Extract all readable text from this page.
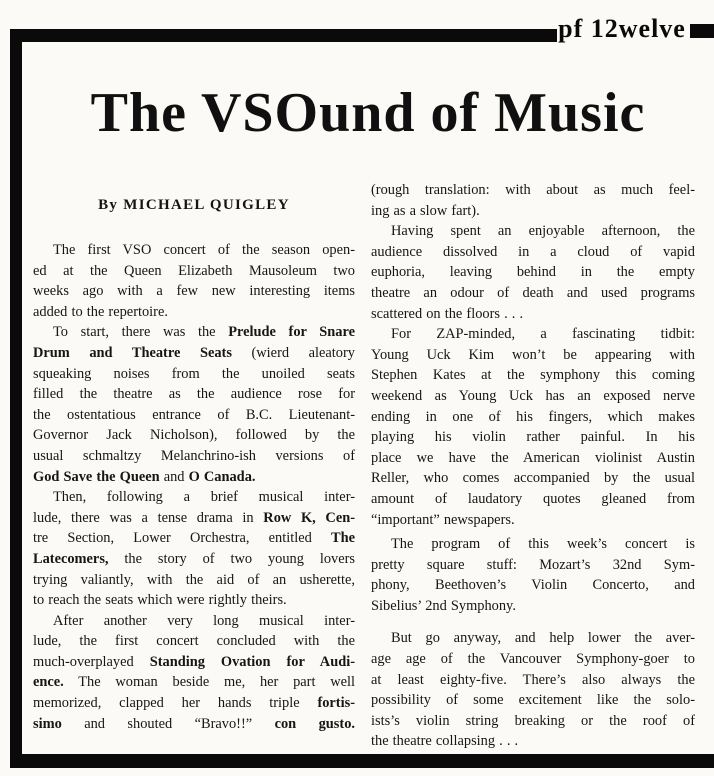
pf 12welve
The VSOund of Music
By MICHAEL QUIGLEY
The first VSO concert of the season open-
ed at the Queen Elizabeth Mausoleum two
weeks ago with a few new interesting items
added to the repertoire.
To start, there was the Prelude for Snare
Drum and Theatre Seats (wierd aleatory
squeaking noises from the unoiled seats
filled the theatre as the audience rose for
the ostentatious entrance of B.C. Lieutenant-
Governor Jack Nicholson), followed by the
usual schmaltzy Melanchrino-ish versions of
God Save the Queen and O Canada.
Then, following a brief musical inter-
lude, there was a tense drama in Row K, Cen-
tre Section, Lower Orchestra, entitled The
Latecomers, the story of two young lovers
trying valiantly, with the aid of an usherette,
to reach the seats which were rightly theirs.
After another very long musical inter-
lude, the first concert concluded with the
much-overplayed Standing Ovation for Audi-
ence. The woman beside me, her part well
memorized, clapped her hands triple fortis-
simo and shouted “Bravo!!” con gusto.
(rough translation: with about as much feel-
ing as a slow fart).
Having spent an enjoyable afternoon, the
audience dissolved in a cloud of vapid
euphoria, leaving behind in the empty
theatre an odour of death and used programs
scattered on the floors . . .
For ZAP-minded, a fascinating tidbit:
Young Uck Kim won’t be appearing with
Stephen Kates at the symphony this coming
weekend as Young Uck has an exposed nerve
ending in one of his fingers, which makes
playing his violin rather painful. In his
place we have the American violinist Austin
Reller, who comes accompanied by the usual
amount of laudatory quotes gleaned from
“important” newspapers.
The program of this week’s concert is
pretty square stuff: Mozart’s 32nd Sym-
phony, Beethoven’s Violin Concerto, and
Sibelius’ 2nd Symphony.
But go anyway, and help lower the aver-
age age of the Vancouver Symphony-goer to
at least eighty-five. There’s also always the
possibility of some excitement like the solo-
ists’s violin string breaking or the roof of
the theatre collapsing . . .
